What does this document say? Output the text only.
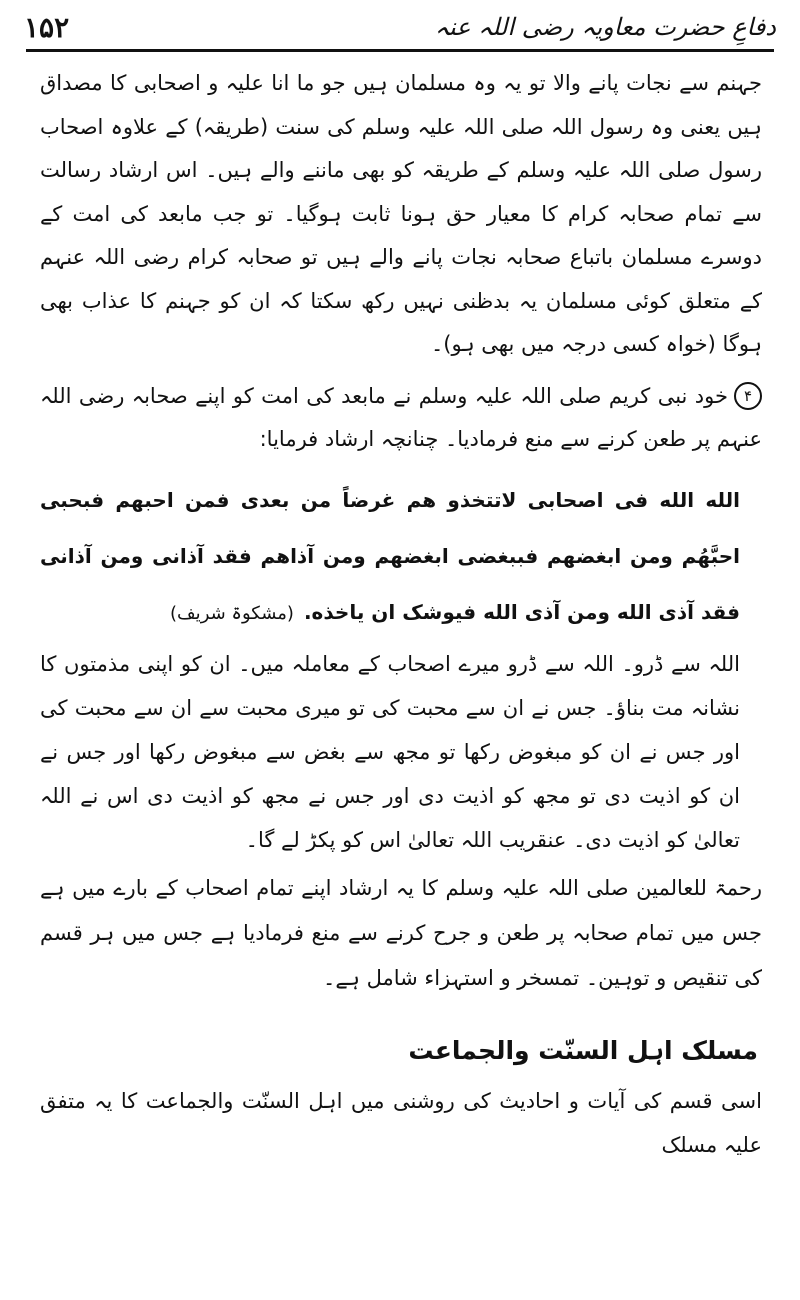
دفاعِ حضرت معاویہ رضی اللہ عنہ
۱۵۲

جہنم سے نجات پانے والا تو یہ وہ مسلمان ہیں جو ما انا علیہ و اصحابی کا مصداق ہیں یعنی وہ رسول اللہ صلی اللہ علیہ وسلم کی سنت (طریقہ) کے علاوہ اصحاب رسول صلی اللہ علیہ وسلم کے طریقہ کو بھی ماننے والے ہیں۔ اس ارشاد رسالت سے تمام صحابہ کرام کا معیار حق ہونا ثابت ہوگیا۔ تو جب مابعد کی امت کے دوسرے مسلمان باتباع صحابہ نجات پانے والے ہیں تو صحابہ کرام رضی اللہ عنہم کے متعلق کوئی مسلمان یہ بدظنی نہیں رکھ سکتا کہ ان کو جہنم کا عذاب بھی ہوگا (خواہ کسی درجہ میں بھی ہو)۔

۴خود نبی کریم صلی اللہ علیہ وسلم نے مابعد کی امت کو اپنے صحابہ رضی اللہ عنہم پر طعن کرنے سے منع فرمادیا۔ چنانچہ ارشاد فرمایا:

الله الله فی اصحابی لاتتخذو هم غرضاً من بعدی فمن احبهم فبحبی احبَّهُم ومن ابغضهم فببغضی ابغضهم ومن آذاهم فقد آذانی ومن آذانی فقد آذی الله ومن آذی الله فیوشک ان یاخذه.(مشکوۃ شریف)

اللہ سے ڈرو۔ اللہ سے ڈرو میرے اصحاب کے معاملہ میں۔ ان کو اپنی مذمتوں کا نشانہ مت بناؤ۔ جس نے ان سے محبت کی تو میری محبت سے ان سے محبت کی اور جس نے ان کو مبغوض رکھا تو مجھ سے بغض سے مبغوض رکھا اور جس نے ان کو اذیت دی تو مجھ کو اذیت دی اور جس نے مجھ کو اذیت دی اس نے اللہ تعالیٰ کو اذیت دی۔ عنقریب اللہ تعالیٰ اس کو پکڑ لے گا۔

رحمۃ للعالمین صلی اللہ علیہ وسلم کا یہ ارشاد اپنے تمام اصحاب کے بارے میں ہے جس میں تمام صحابہ پر طعن و جرح کرنے سے منع فرمادیا ہے جس میں ہر قسم کی تنقیص و توہین۔ تمسخر و استہزاء شامل ہے۔

مسلک اہل السنّت والجماعت

اسی قسم کی آیات و احادیث کی روشنی میں اہل السنّت والجماعت کا یہ متفق علیہ مسلک
